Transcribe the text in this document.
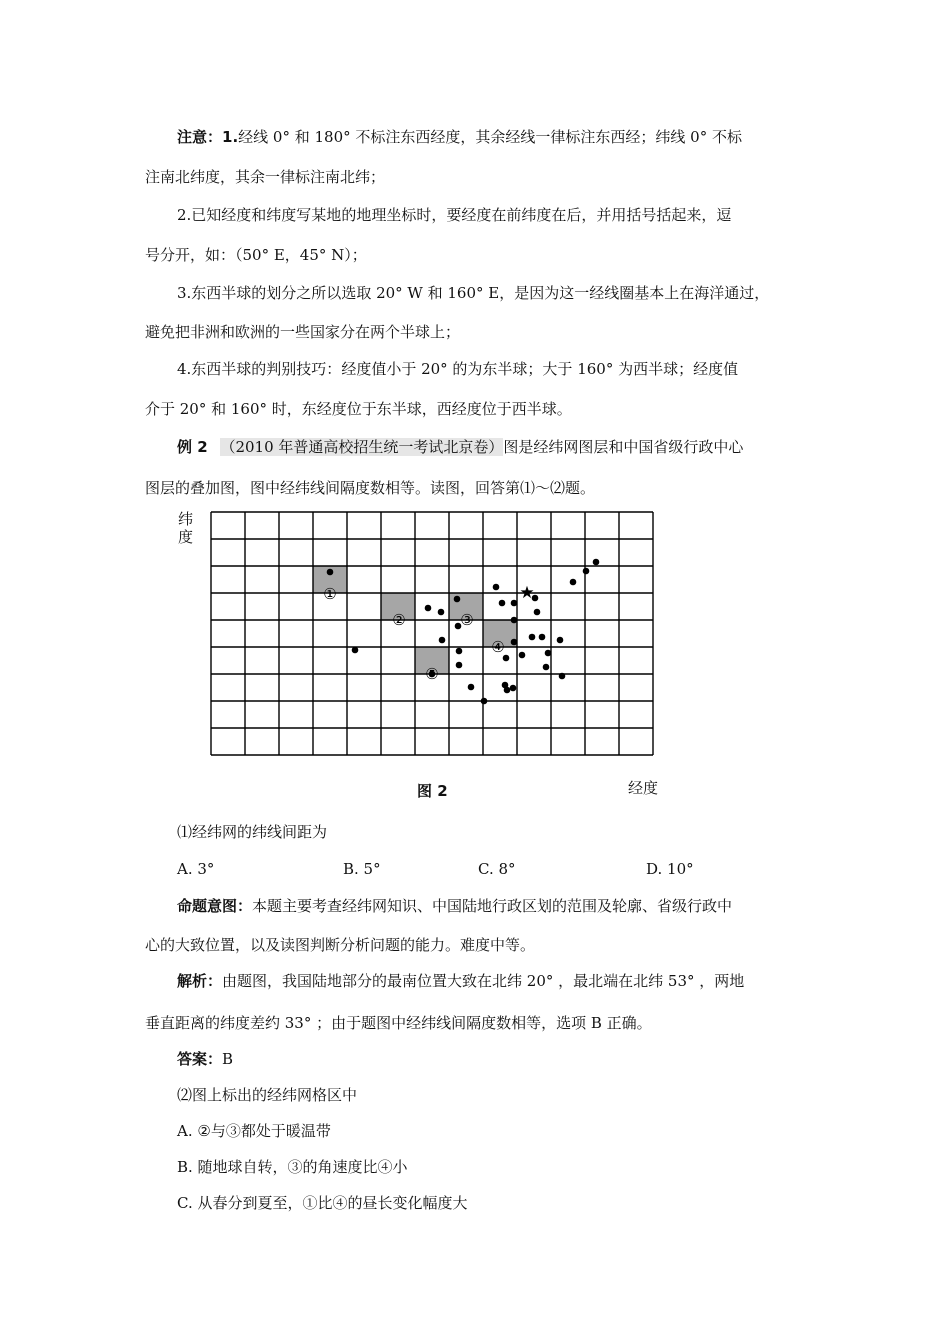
注意：1.经线 0° 和 180° 不标注东西经度，其余经线一律标注东西经；纬线 0° 不标
注南北纬度，其余一律标注南北纬；
2.已知经度和纬度写某地的地理坐标时，要经度在前纬度在后，并用括号括起来，逗
号分开，如：（50° E，45° N）；
3.东西半球的划分之所以选取 20° W 和 160° E，是因为这一经线圈基本上在海洋通过，
避免把非洲和欧洲的一些国家分在两个半球上；
4.东西半球的判别技巧：经度值小于 20° 的为东半球；大于 160° 为西半球；经度值
介于 20° 和 160° 时，东经度位于东半球，西经度位于西半球。
例 2 （2010 年普通高校招生统一考试北京卷）图是经纬网图层和中国省级行政中心
图层的叠加图，图中经纬线间隔度数相等。读图，回答第⑴～⑵题。
纬
度
①
②	③
④
⑤
★
图 2	经度
⑴经纬网的纬线间距为
A. 3°	B. 5°	C. 8°	D. 10°
命题意图：本题主要考查经纬网知识、中国陆地行政区划的范围及轮廓、省级行政中
心的大致位置，以及读图判断分析问题的能力。难度中等。
解析：由题图，我国陆地部分的最南位置大致在北纬 20° ，最北端在北纬 53° ，两地
垂直距离的纬度差约 33° ；由于题图中经纬线间隔度数相等，选项 B 正确。
答案：B
⑵图上标出的经纬网格区中
A. ②与③都处于暖温带
B. 随地球自转，③的角速度比④小
C. 从春分到夏至，①比④的昼长变化幅度大
